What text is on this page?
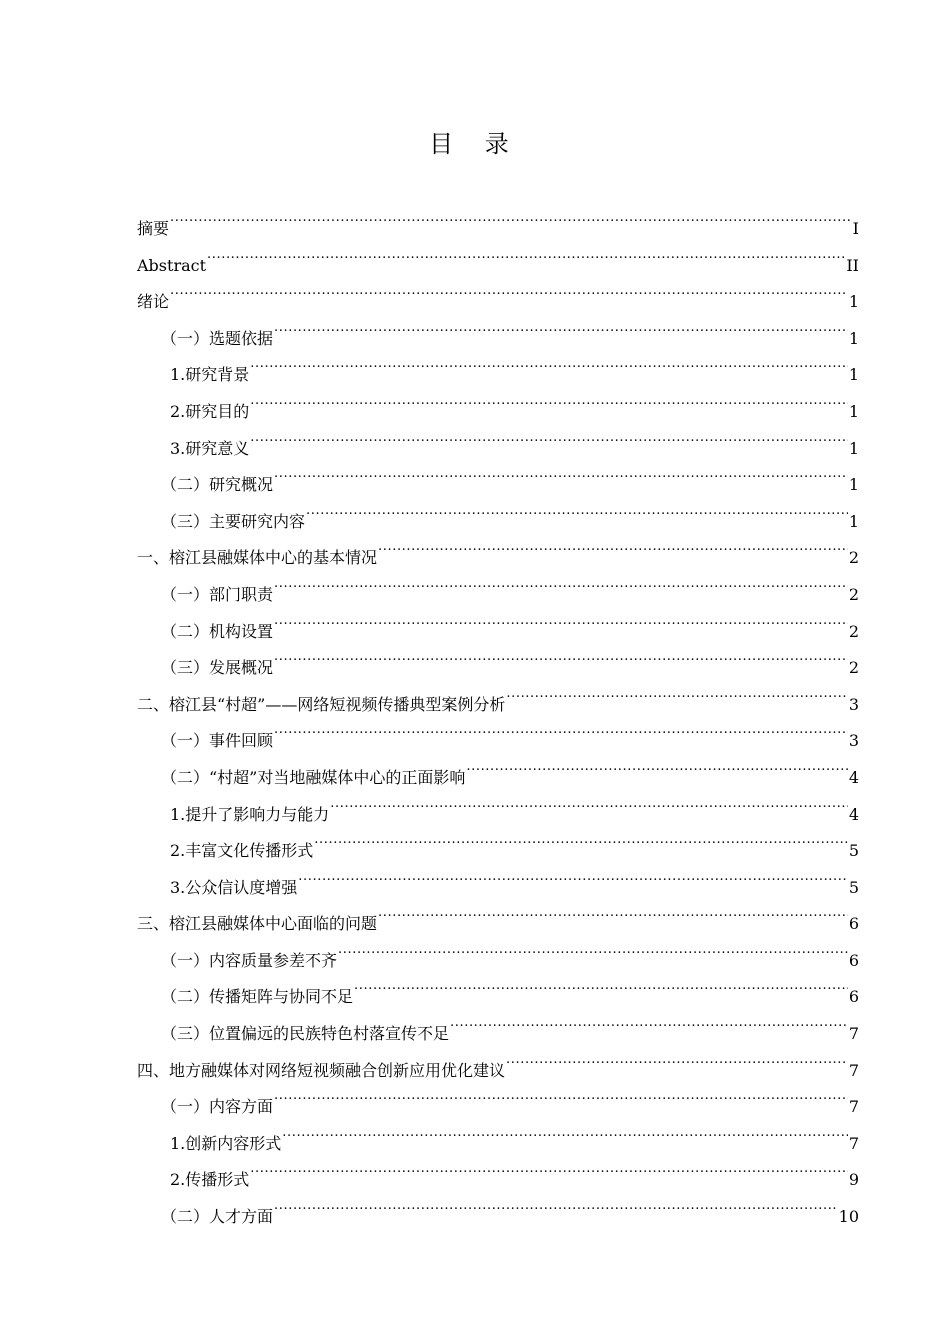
目 录
摘要 .....	I
Abstract .....	II
绪论 .....	1
（一）选题依据 .....	1
1.研究背景 .....	1
2.研究目的 .....	1
3.研究意义 .....	1
（二）研究概况 .....	1
（三）主要研究内容 .....	1
一、榕江县融媒体中心的基本情况 .....	2
（一）部门职责 .....	2
（二）机构设置 .....	2
（三）发展概况 .....	2
二、榕江县“村超”——网络短视频传播典型案例分析 .....	3
（一）事件回顾 .....	3
（二）“村超”对当地融媒体中心的正面影响 .....	4
1.提升了影响力与能力 .....	4
2.丰富文化传播形式 .....	5
3.公众信认度增强 .....	5
三、榕江县融媒体中心面临的问题 .....	6
（一）内容质量参差不齐 .....	6
（二）传播矩阵与协同不足 .....	6
（三）位置偏远的民族特色村落宣传不足 .....	7
四、地方融媒体对网络短视频融合创新应用优化建议 .....	7
（一）内容方面 .....	7
1.创新内容形式 .....	7
2.传播形式 .....	9
（二）人才方面 .....	10
